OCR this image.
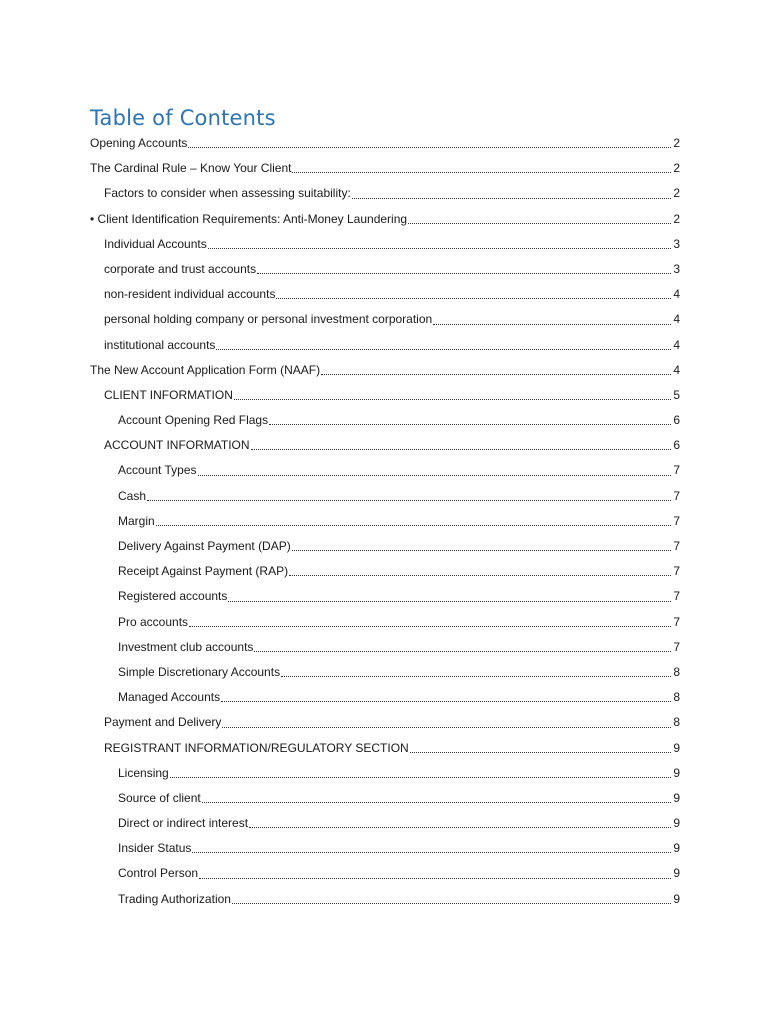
Table of Contents
Opening Accounts	2
The Cardinal Rule – Know Your Client	2
Factors to consider when assessing suitability:	2
• Client Identification Requirements: Anti-Money Laundering	2
Individual Accounts	3
corporate and trust accounts	3
non-resident individual accounts	4
personal holding company or personal investment corporation	4
institutional accounts	4
The New Account Application Form (NAAF)	4
CLIENT INFORMATION	5
Account Opening Red Flags	6
ACCOUNT INFORMATION	6
Account Types	7
Cash	7
Margin	7
Delivery Against Payment (DAP)	7
Receipt Against Payment (RAP)	7
Registered accounts	7
Pro accounts	7
Investment club accounts	7
Simple Discretionary Accounts	8
Managed Accounts	8
Payment and Delivery	8
REGISTRANT INFORMATION/REGULATORY SECTION	9
Licensing	9
Source of client	9
Direct or indirect interest	9
Insider Status	9
Control Person	9
Trading Authorization	9
